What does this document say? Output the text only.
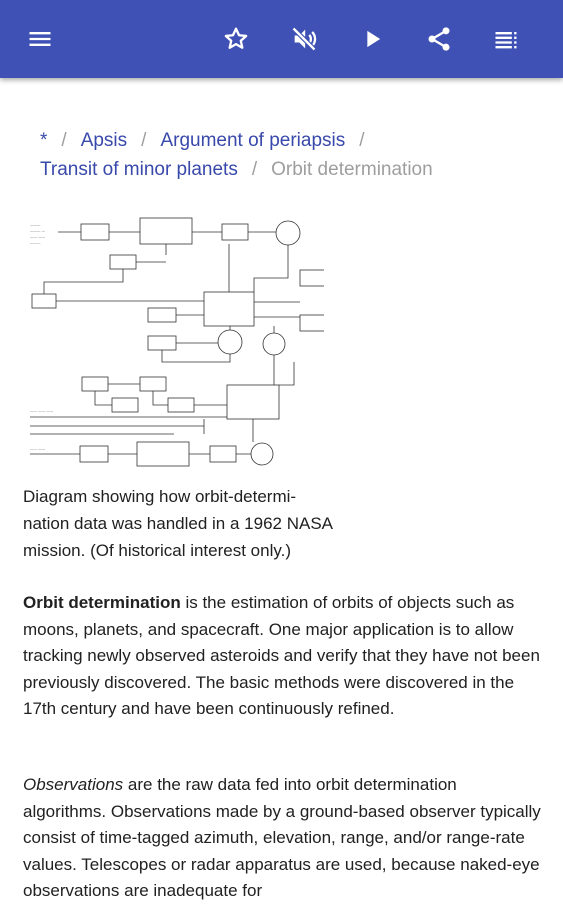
* / Apsis / Argument of periapsis /
Transit of minor planets / Orbit determination
———
——— —
—— ——
———
—— —— ——
—— ——
Diagram showing how orbit-determi-nation data was handled in a 1962 NASA mission. (Of historical interest only.)

Orbit determination is the estimation of orbits of objects such as moons, planets, and spacecraft. One major application is to allow tracking newly observed asteroids and verify that they have not been previously discovered. The basic methods were discovered in the 17th century and have been continuously refined.

Observations are the raw data fed into orbit determination algorithms. Observations made by a ground-based observer typically consist of time-tagged azimuth, elevation, range, and/or range-rate values. Telescopes or radar apparatus are used, because naked-eye observations are inadequate for
